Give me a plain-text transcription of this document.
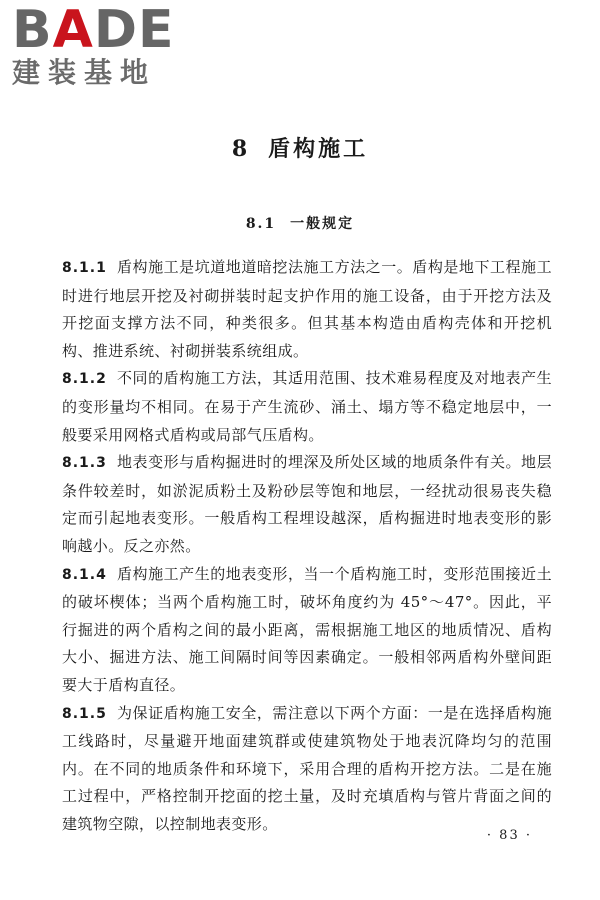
B A DE
建装基地
8 盾构施工
8.1 一般规定

8.1.1 盾构施工是坑道地道暗挖法施工方法之一。盾构是地下工程施工时进行地层开挖及衬砌拼装时起支护作用的施工设备，由于开挖方法及开挖面支撑方法不同，种类很多。但其基本构造由盾构壳体和开挖机构、推进系统、衬砌拼装系统组成。

8.1.2 不同的盾构施工方法，其适用范围、技术难易程度及对地表产生的变形量均不相同。在易于产生流砂、涌土、塌方等不稳定地层中，一般要采用网格式盾构或局部气压盾构。

8.1.3 地表变形与盾构掘进时的埋深及所处区域的地质条件有关。地层条件较差时，如淤泥质粉土及粉砂层等饱和地层，一经扰动很易丧失稳定而引起地表变形。一般盾构工程埋设越深，盾构掘进时地表变形的影响越小。反之亦然。

8.1.4 盾构施工产生的地表变形，当一个盾构施工时，变形范围接近土的破坏楔体；当两个盾构施工时，破坏角度约为 45°～47°。因此，平行掘进的两个盾构之间的最小距离，需根据施工地区的地质情况、盾构大小、掘进方法、施工间隔时间等因素确定。一般相邻两盾构外壁间距要大于盾构直径。

8.1.5 为保证盾构施工安全，需注意以下两个方面：一是在选择盾构施工线路时，尽量避开地面建筑群或使建筑物处于地表沉降均匀的范围内。在不同的地质条件和环境下，采用合理的盾构开挖方法。二是在施工过程中，严格控制开挖面的挖土量，及时充填盾构与管片背面之间的建筑物空隙，以控制地表变形。

· 83 ·
